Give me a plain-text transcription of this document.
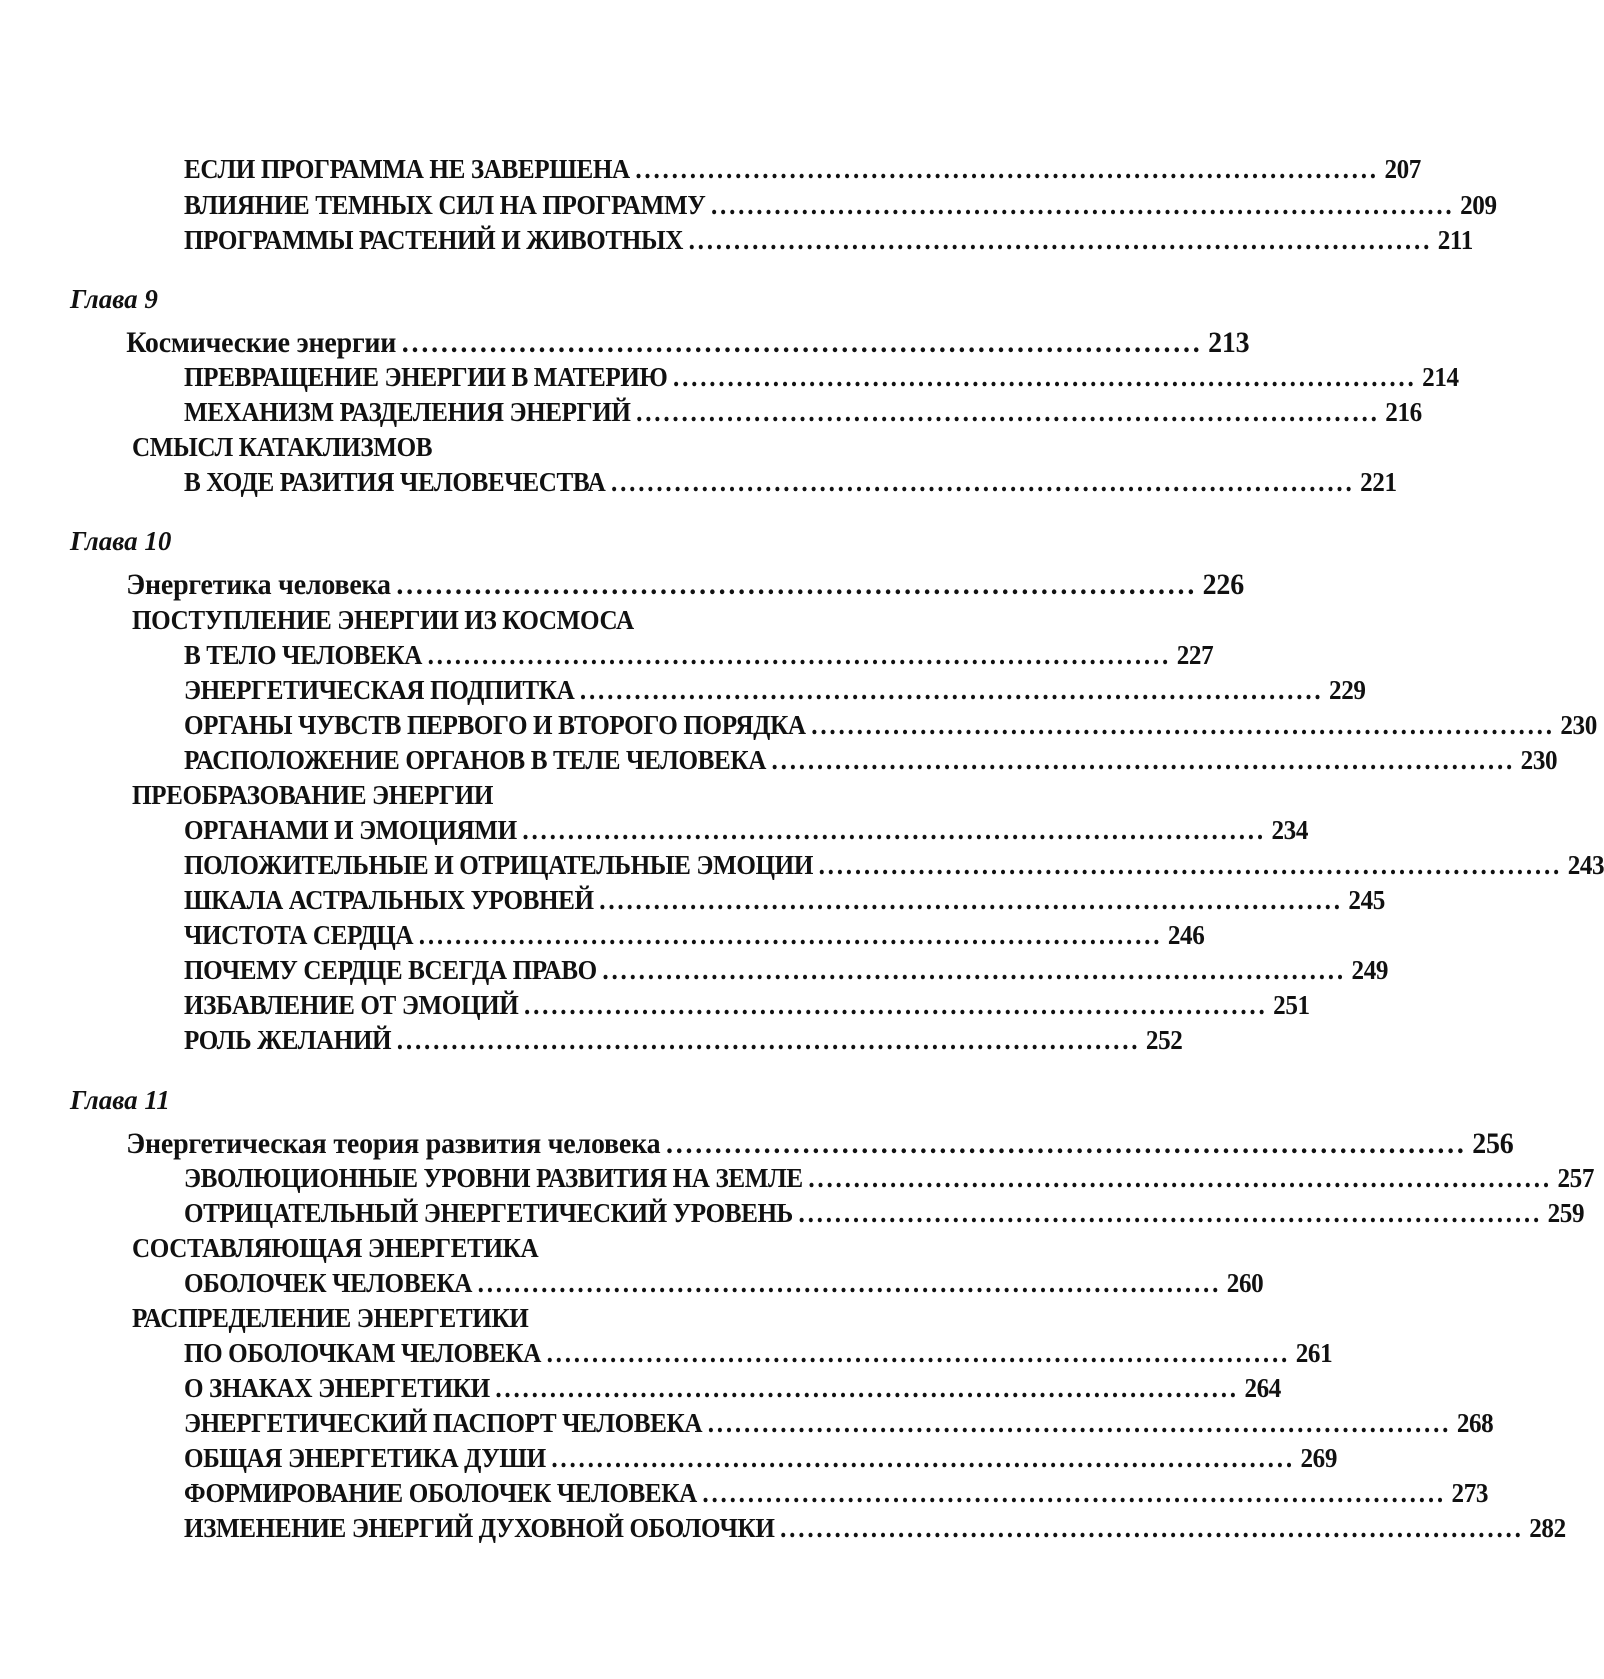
ЕСЛИ ПРОГРАММА НЕ ЗАВЕРШЕНА .................................................................................. 207
ВЛИЯНИЕ ТЕМНЫХ СИЛ НА ПРОГРАММУ .................................................................................. 209
ПРОГРАММЫ РАСТЕНИЙ И ЖИВОТНЫХ .................................................................................. 211
Глава 9
Космические энергии .................................................................................. 213
ПРЕВРАЩЕНИЕ ЭНЕРГИИ В МАТЕРИЮ .................................................................................. 214
МЕХАНИЗМ РАЗДЕЛЕНИЯ ЭНЕРГИЙ .................................................................................. 216
СМЫСЛ КАТАКЛИЗМОВ
В ХОДЕ РАЗИТИЯ ЧЕЛОВЕЧЕСТВА .................................................................................. 221
Глава 10
Энергетика человека .................................................................................. 226
ПОСТУПЛЕНИЕ ЭНЕРГИИ ИЗ КОСМОСА
В ТЕЛО ЧЕЛОВЕКА .................................................................................. 227
ЭНЕРГЕТИЧЕСКАЯ ПОДПИТКА .................................................................................. 229
ОРГАНЫ ЧУВСТВ ПЕРВОГО И ВТОРОГО ПОРЯДКА .................................................................................. 230
РАСПОЛОЖЕНИЕ ОРГАНОВ В ТЕЛЕ ЧЕЛОВЕКА .................................................................................. 230
ПРЕОБРАЗОВАНИЕ ЭНЕРГИИ
ОРГАНАМИ И ЭМОЦИЯМИ .................................................................................. 234
ПОЛОЖИТЕЛЬНЫЕ И ОТРИЦАТЕЛЬНЫЕ ЭМОЦИИ .................................................................................. 243
ШКАЛА АСТРАЛЬНЫХ УРОВНЕЙ .................................................................................. 245
ЧИСТОТА СЕРДЦА .................................................................................. 246
ПОЧЕМУ СЕРДЦЕ ВСЕГДА ПРАВО .................................................................................. 249
ИЗБАВЛЕНИЕ ОТ ЭМОЦИЙ .................................................................................. 251
РОЛЬ ЖЕЛАНИЙ .................................................................................. 252
Глава 11
Энергетическая теория развития человека .................................................................................. 256
ЭВОЛЮЦИОННЫЕ УРОВНИ РАЗВИТИЯ НА ЗЕМЛЕ .................................................................................. 257
ОТРИЦАТЕЛЬНЫЙ ЭНЕРГЕТИЧЕСКИЙ УРОВЕНЬ .................................................................................. 259
СОСТАВЛЯЮЩАЯ ЭНЕРГЕТИКА
ОБОЛОЧЕК ЧЕЛОВЕКА .................................................................................. 260
РАСПРЕДЕЛЕНИЕ ЭНЕРГЕТИКИ
ПО ОБОЛОЧКАМ ЧЕЛОВЕКА .................................................................................. 261
О ЗНАКАХ ЭНЕРГЕТИКИ .................................................................................. 264
ЭНЕРГЕТИЧЕСКИЙ ПАСПОРТ ЧЕЛОВЕКА .................................................................................. 268
ОБЩАЯ ЭНЕРГЕТИКА ДУШИ .................................................................................. 269
ФОРМИРОВАНИЕ ОБОЛОЧЕК ЧЕЛОВЕКА .................................................................................. 273
ИЗМЕНЕНИЕ ЭНЕРГИЙ ДУХОВНОЙ ОБОЛОЧКИ .................................................................................. 282
